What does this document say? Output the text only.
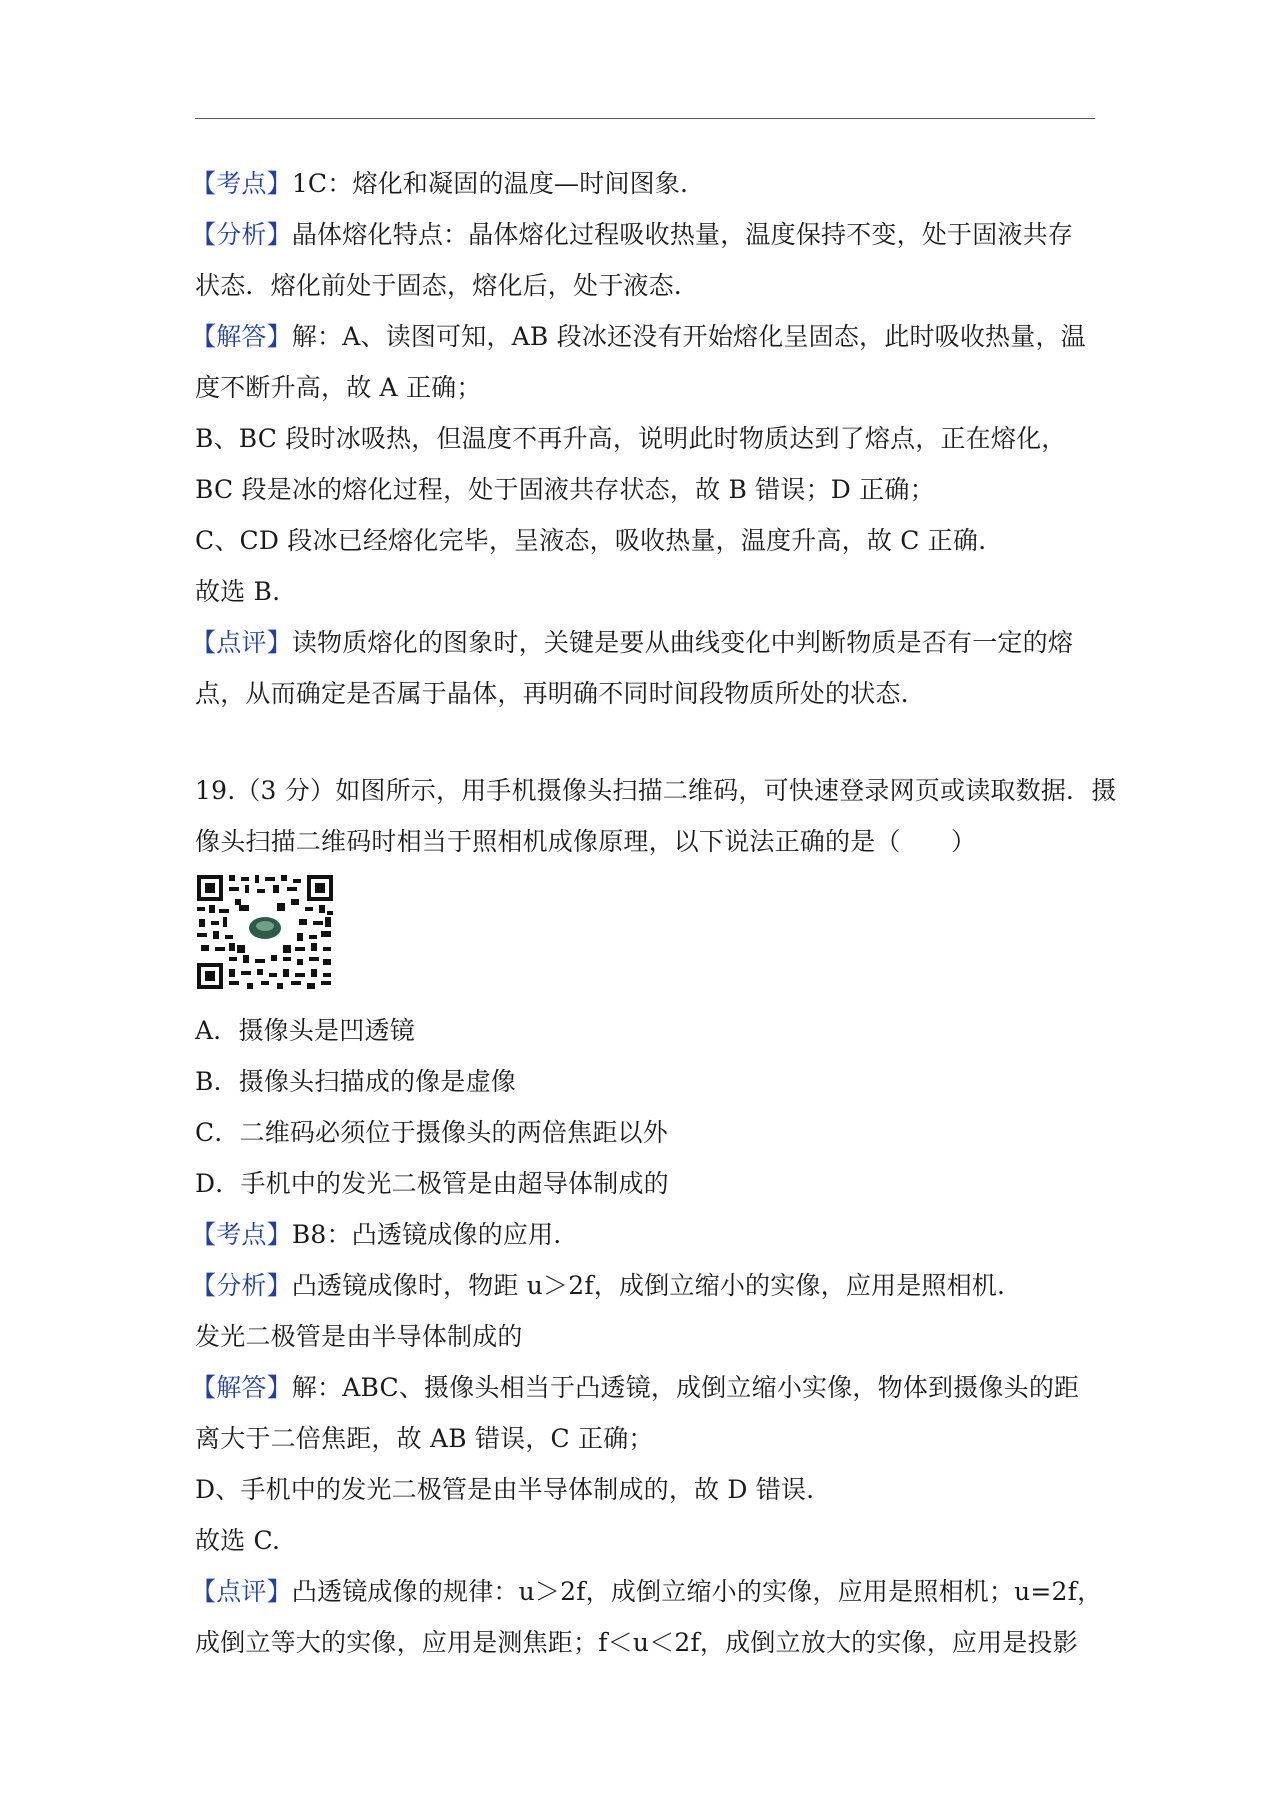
【考点】1C：熔化和凝固的温度—时间图象.
【分析】晶体熔化特点：晶体熔化过程吸收热量，温度保持不变，处于固液共存
状态．熔化前处于固态，熔化后，处于液态.
【解答】解：A、读图可知，AB 段冰还没有开始熔化呈固态，此时吸收热量，温
度不断升高，故 A 正确；
B、BC 段时冰吸热，但温度不再升高，说明此时物质达到了熔点，正在熔化，
BC 段是冰的熔化过程，处于固液共存状态，故 B 错误；D 正确；
C、CD 段冰已经熔化完毕，呈液态，吸收热量，温度升高，故 C 正确.
故选 B.
【点评】读物质熔化的图象时，关键是要从曲线变化中判断物质是否有一定的熔
点，从而确定是否属于晶体，再明确不同时间段物质所处的状态.
19.（3 分）如图所示，用手机摄像头扫描二维码，可快速登录网页或读取数据．摄
像头扫描二维码时相当于照相机成像原理，以下说法正确的是（　　）
A．摄像头是凹透镜
B．摄像头扫描成的像是虚像
C．二维码必须位于摄像头的两倍焦距以外
D．手机中的发光二极管是由超导体制成的
【考点】B8：凸透镜成像的应用.
【分析】凸透镜成像时，物距 u＞2f，成倒立缩小的实像，应用是照相机.
发光二极管是由半导体制成的
【解答】解：ABC、摄像头相当于凸透镜，成倒立缩小实像，物体到摄像头的距
离大于二倍焦距，故 AB 错误，C 正确；
D、手机中的发光二极管是由半导体制成的，故 D 错误.
故选 C.
【点评】凸透镜成像的规律：u＞2f，成倒立缩小的实像，应用是照相机；u=2f，
成倒立等大的实像，应用是测焦距；f＜u＜2f，成倒立放大的实像，应用是投影
